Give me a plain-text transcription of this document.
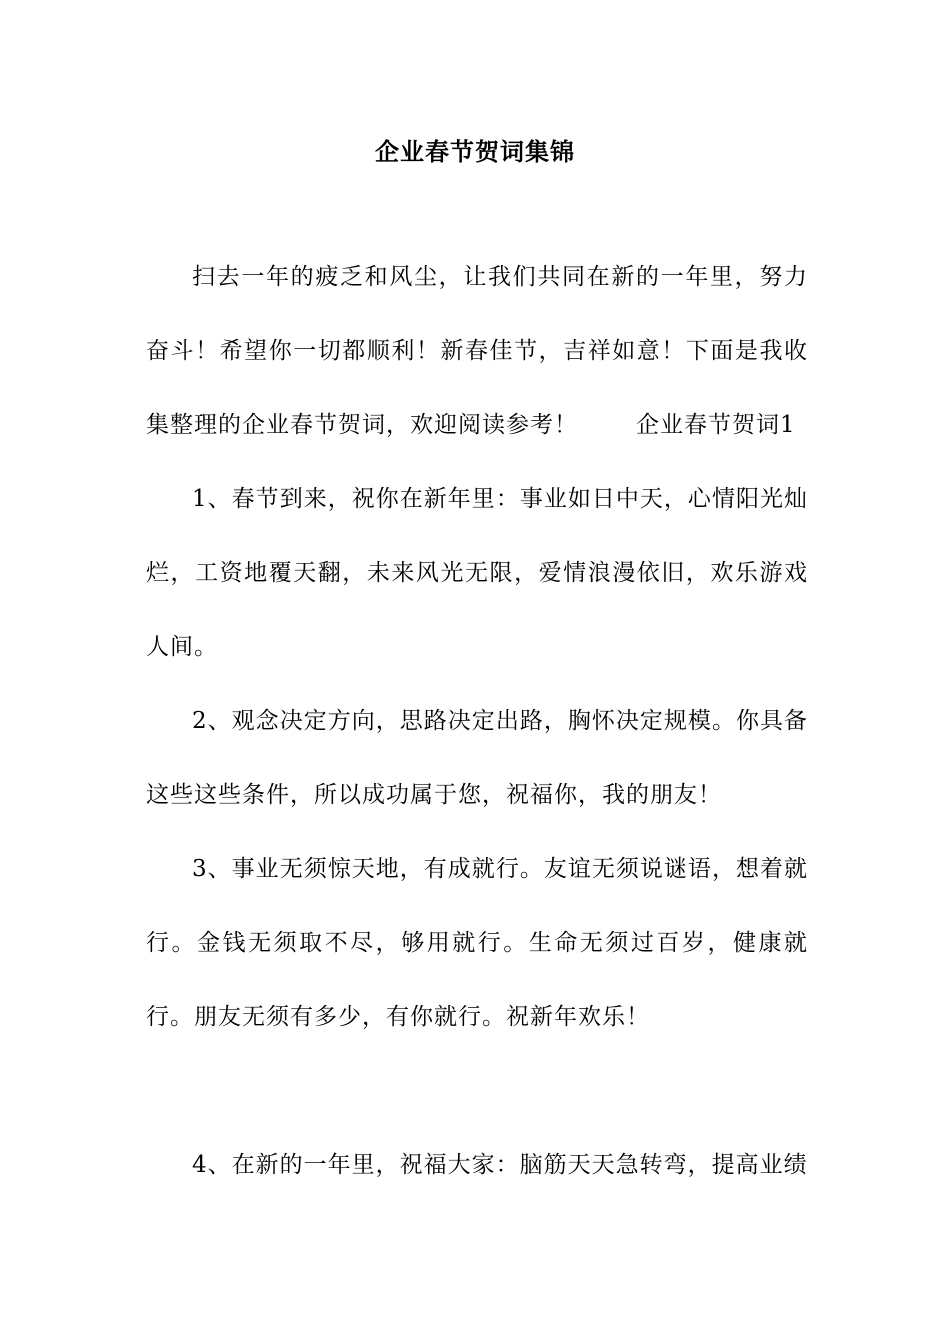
企业春节贺词集锦

扫去一年的疲乏和风尘，让我们共同在新的一年里，努力奋斗！希望你一切都顺利！新春佳节，吉祥如意！下面是我收集整理的企业春节贺词，欢迎阅读参考！	企业春节贺词1

1、春节到来，祝你在新年里：事业如日中天，心情阳光灿烂，工资地覆天翻，未来风光无限，爱情浪漫依旧，欢乐游戏人间。

2、观念决定方向，思路决定出路，胸怀决定规模。你具备这些这些条件，所以成功属于您，祝福你，我的朋友！

3、事业无须惊天地，有成就行。友谊无须说谜语，想着就行。金钱无须取不尽，够用就行。生命无须过百岁，健康就行。朋友无须有多少，有你就行。祝新年欢乐！

4、在新的一年里，祝福大家：脑筋天天急转弯，提高业绩
